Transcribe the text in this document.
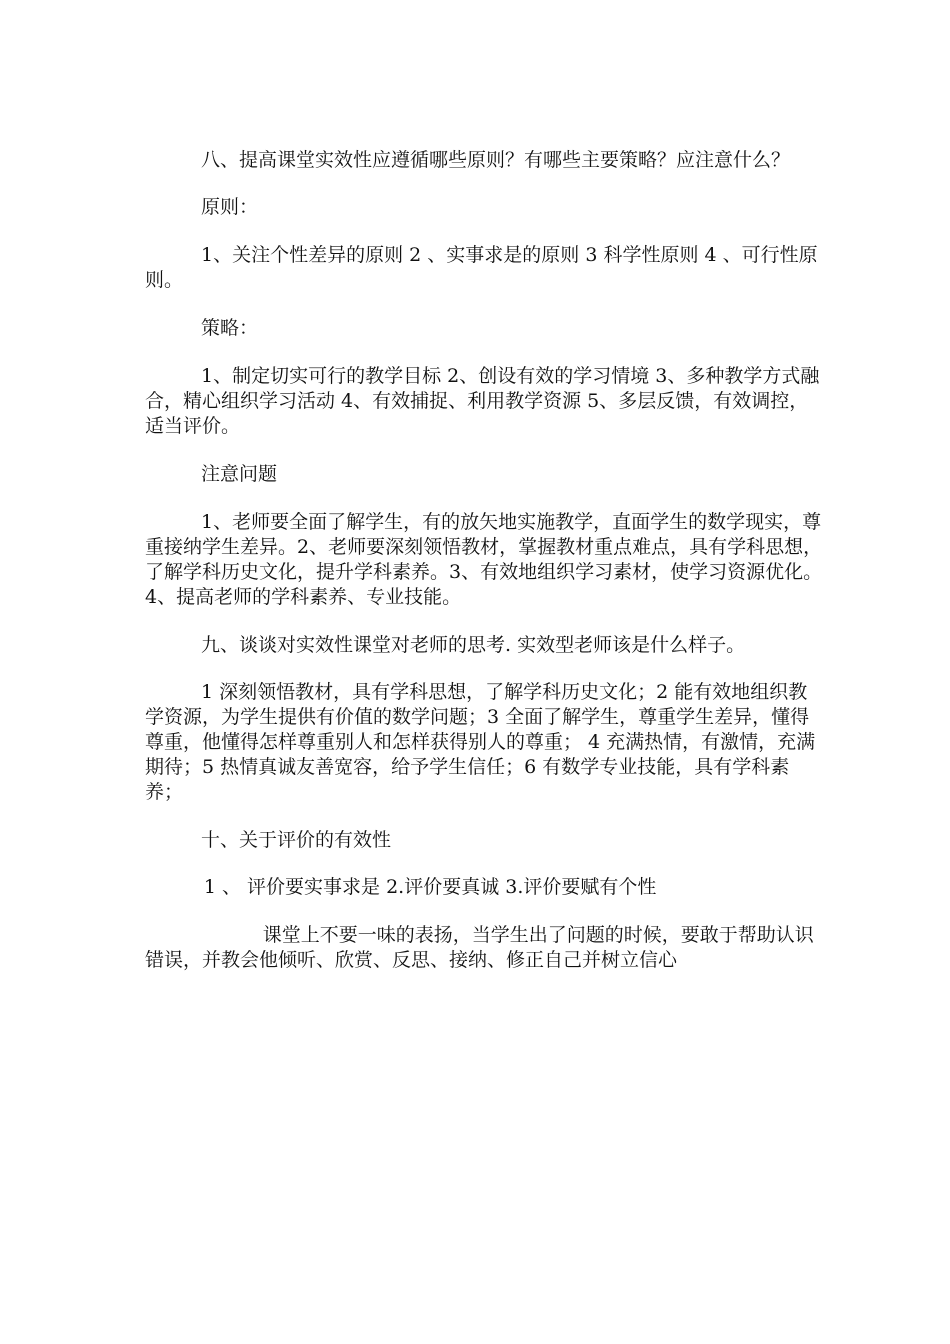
八、提高课堂实效性应遵循哪些原则？有哪些主要策略？应注意什么？

原则：

1、关注个性差异的原则 2 、实事求是的原则 3 科学性原则 4 、可行性原则。

策略：

1、制定切实可行的教学目标 2、创设有效的学习情境 3、多种教学方式融合，精心组织学习活动 4、有效捕捉、利用教学资源 5、多层反馈，有效调控，适当评价。

注意问题

1、老师要全面了解学生，有的放矢地实施教学，直面学生的数学现实，尊重接纳学生差异。2、老师要深刻领悟教材，掌握教材重点难点，具有学科思想，了解学科历史文化，提升学科素养。3、有效地组织学习素材，使学习资源优化。4、提高老师的学科素养、专业技能。

九、谈谈对实效性课堂对老师的思考. 实效型老师该是什么样子。

1 深刻领悟教材，具有学科思想，了解学科历史文化；2 能有效地组织教学资源，为学生提供有价值的数学问题；3 全面了解学生，尊重学生差异，懂得尊重，他懂得怎样尊重别人和怎样获得别人的尊重； 4 充满热情，有激情，充满期待；5 热情真诚友善宽容，给予学生信任；6 有数学专业技能，具有学科素养；

十、关于评价的有效性

1 、 评价要实事求是 2.评价要真诚 3.评价要赋有个性

课堂上不要一味的表扬，当学生出了问题的时候，要敢于帮助认识错误，并教会他倾听、欣赏、反思、接纳、修正自己并树立信心
